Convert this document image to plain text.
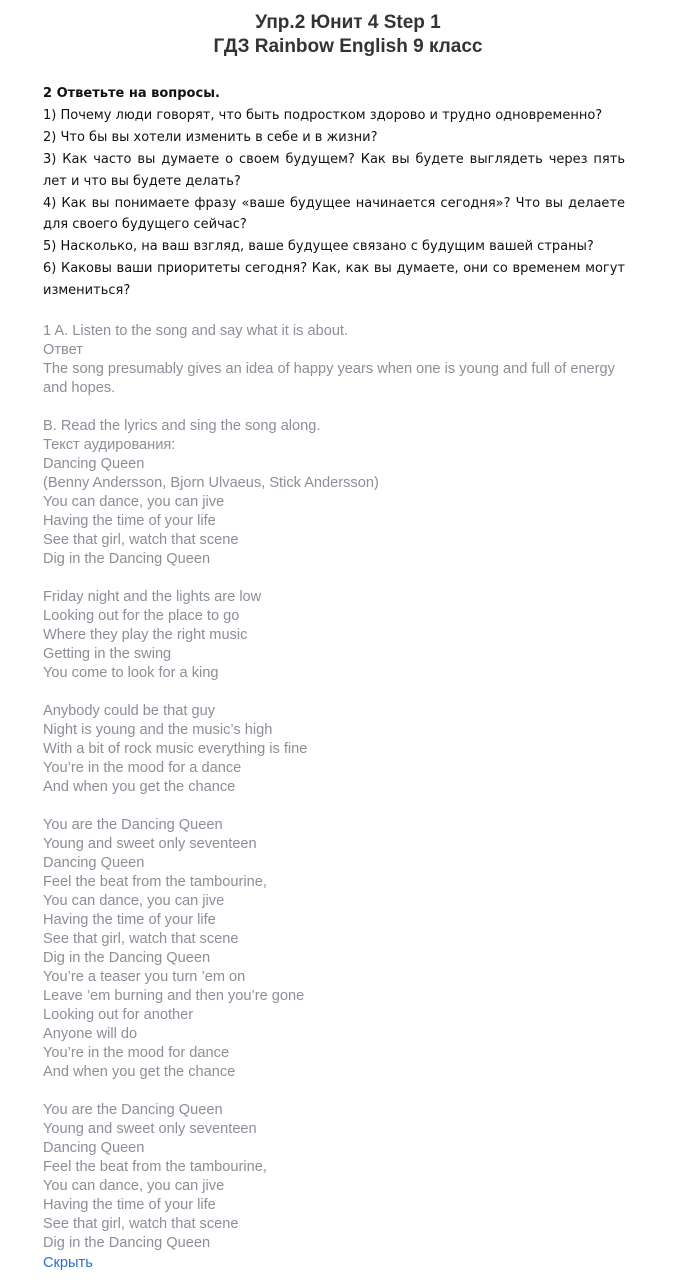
Упр.2 Юнит 4 Step 1
ГДЗ Rainbow English 9 класс
2 Ответьте на вопросы.
1) Почему люди говорят, что быть подростком здорово и трудно одновременно?
2) Что бы вы хотели изменить в себе и в жизни?
3) Как часто вы думаете о своем будущем? Как вы будете выглядеть через пять лет и что вы будете делать?
4) Как вы понимаете фразу «ваше будущее начинается сегодня»? Что вы делаете для своего будущего сейчас?
5) Насколько, на ваш взгляд, ваше будущее связано с будущим вашей страны?
6) Каковы ваши приоритеты сегодня? Как, как вы думаете, они со временем могут измениться?
1 A. Listen to the song and say what it is about.
Ответ
The song presumably gives an idea of happy years when one is young and full of energy
and hopes.
B. Read the lyrics and sing the song along.
Текст аудирования:
Dancing Queen
(Benny Andersson, Bjorn Ulvaeus, Stick Andersson)
You can dance, you can jive
Having the time of your life
See that girl, watch that scene
Dig in the Dancing Queen
Friday night and the lights are low
Looking out for the place to go
Where they play the right music
Getting in the swing
You come to look for a king
Anybody could be that guy
Night is young and the music’s high
With a bit of rock music everything is fine
You’re in the mood for a dance
And when you get the chance
You are the Dancing Queen
Young and sweet only seventeen
Dancing Queen
Feel the beat from the tambourine,
You can dance, you can jive
Having the time of your life
See that girl, watch that scene
Dig in the Dancing Queen
You’re a teaser you turn ’em on
Leave ’em burning and then you’re gone
Looking out for another
Anyone will do
You’re in the mood for dance
And when you get the chance
You are the Dancing Queen
Young and sweet only seventeen
Dancing Queen
Feel the beat from the tambourine,
You can dance, you can jive
Having the time of your life
See that girl, watch that scene
Dig in the Dancing Queen
Скрыть
